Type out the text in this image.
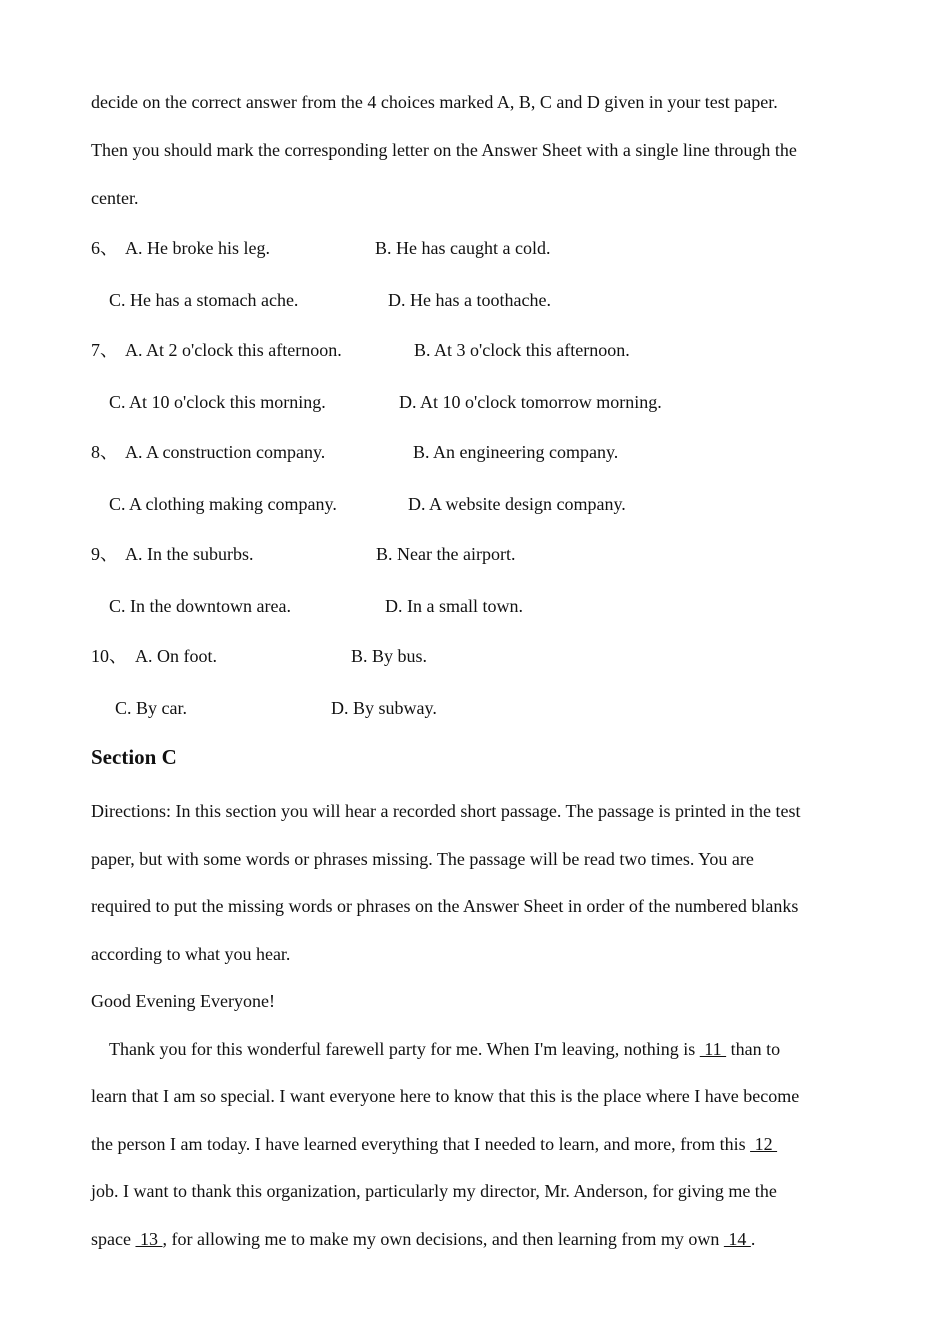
decide on the correct answer from the 4 choices marked A, B, C and D given in your test paper.
Then you should mark the corresponding letter on the Answer Sheet with a single line through the
center.
6、 A. He broke his leg.	B. He has caught a cold.
C. He has a stomach ache.	D. He has a toothache.
7、 A. At 2 o'clock this afternoon.	B. At 3 o'clock this afternoon.
C. At 10 o'clock this morning.	D. At 10 o'clock tomorrow morning.
8、 A. A construction company.	B. An engineering company.
C. A clothing making company.	D. A website design company.
9、 A. In the suburbs.	B. Near the airport.
C. In the downtown area.	D. In a small town.
10、 A. On foot.	B. By bus.
C. By car.	D. By subway.
Section C
Directions: In this section you will hear a recorded short passage. The passage is printed in the test
paper, but with some words or phrases missing. The passage will be read two times. You are
required to put the missing words or phrases on the Answer Sheet in order of the numbered blanks
according to what you hear.
Good Evening Everyone!
Thank you for this wonderful farewell party for me. When I'm leaving, nothing is  11  than to
learn that I am so special. I want everyone here to know that this is the place where I have become
the person I am today. I have learned everything that I needed to learn, and more, from this  12
job. I want to thank this organization, particularly my director, Mr. Anderson, for giving me the
space  13 , for allowing me to make my own decisions, and then learning from my own  14 .
